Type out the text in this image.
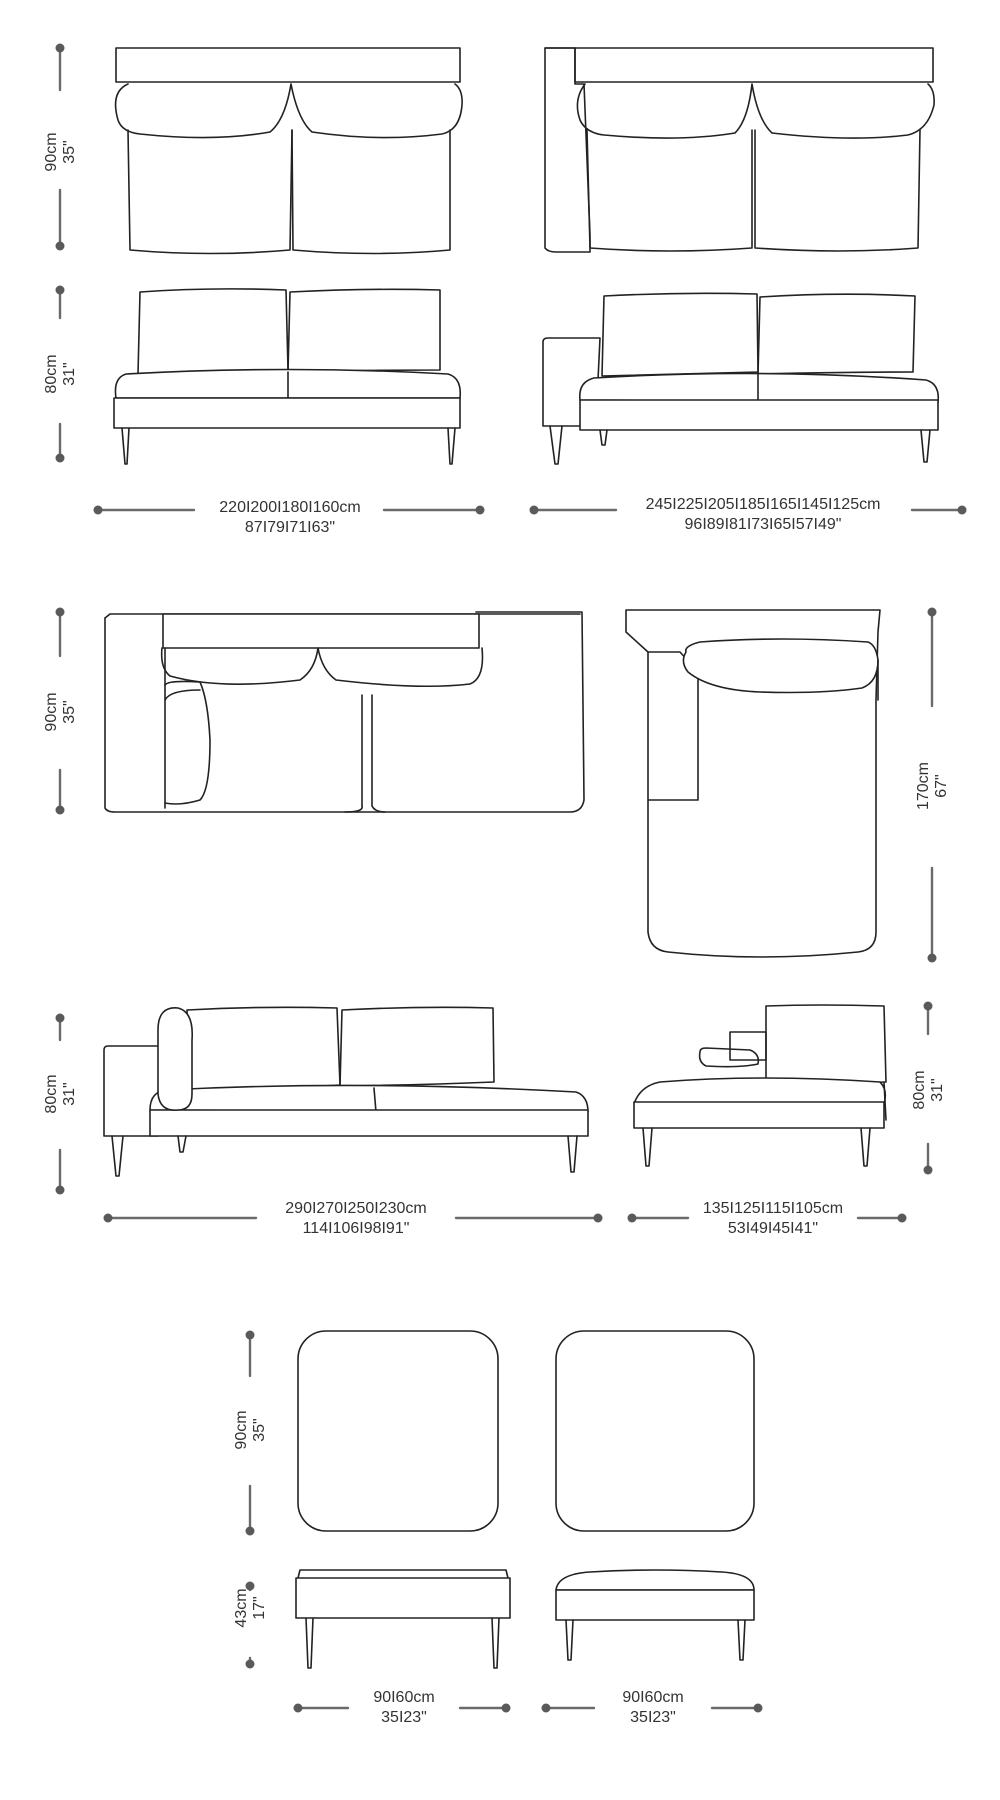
90cm 35"
80cm 31"
220I200I180I160cm
87I79I71I63"
245I225I205I185I165I145I125cm
96I89I81I73I65I57I49"
90cm 35"
80cm 31"
170cm 67"
80cm 31"
290I270I250I230cm
114I106I98I91"
135I125I115I105cm
53I49I45I41"
90cm 35"
43cm 17"
90I60cm
35I23"
90I60cm
35I23"
